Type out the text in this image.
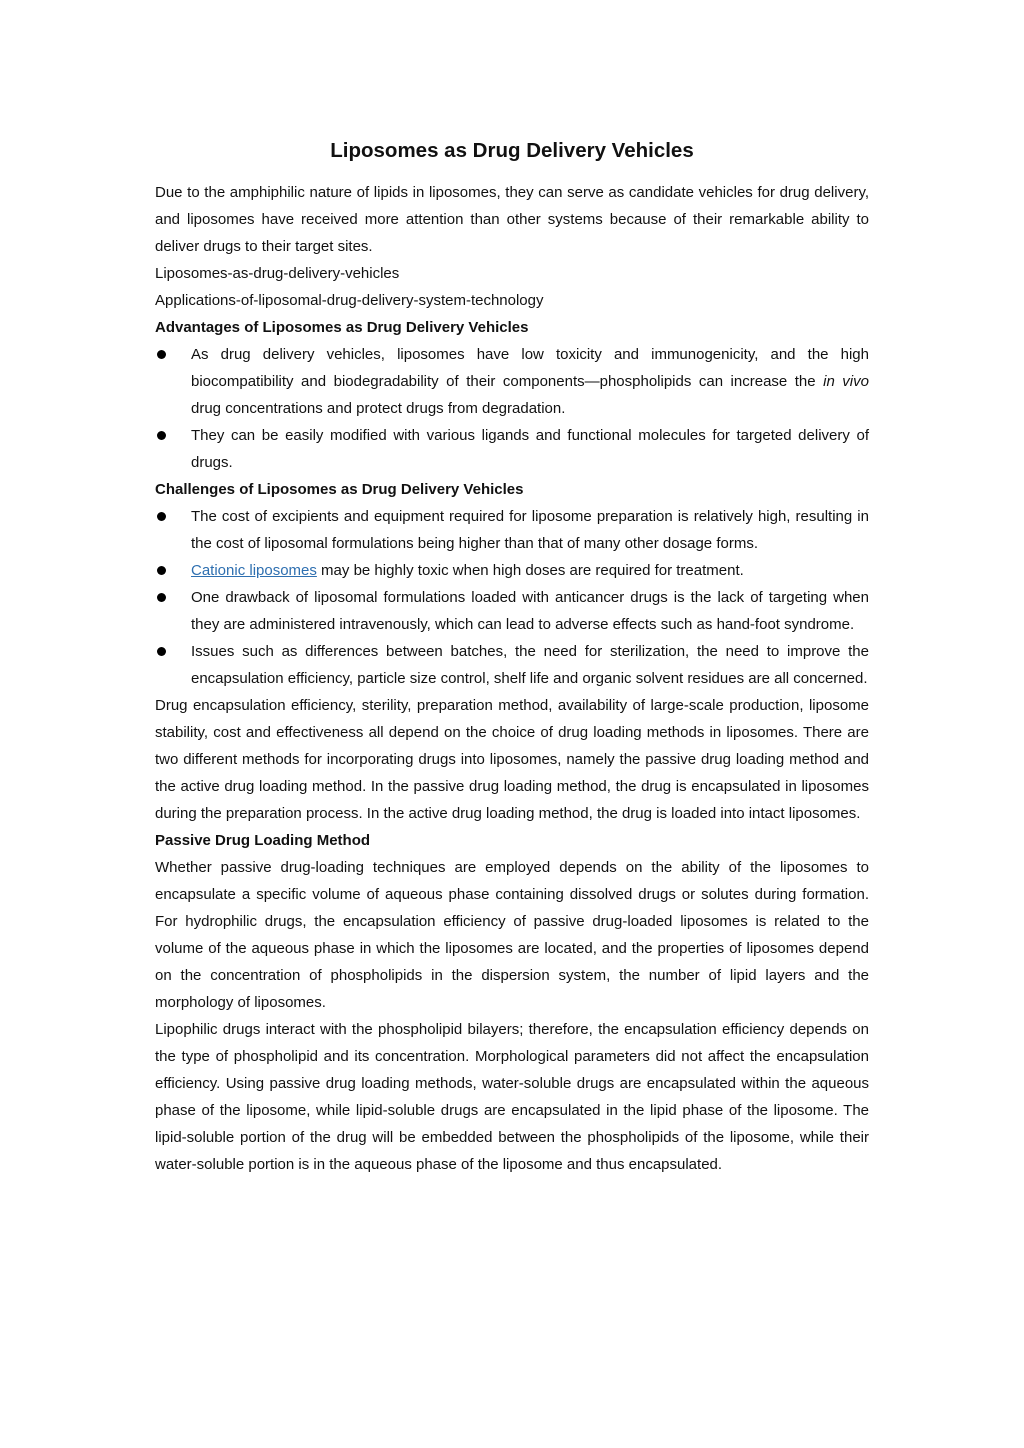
Liposomes as Drug Delivery Vehicles

Due to the amphiphilic nature of lipids in liposomes, they can serve as candidate vehicles for drug delivery, and liposomes have received more attention than other systems because of their remarkable ability to deliver drugs to their target sites.

Liposomes-as-drug-delivery-vehicles

Applications-of-liposomal-drug-delivery-system-technology

Advantages of Liposomes as Drug Delivery Vehicles

As drug delivery vehicles, liposomes have low toxicity and immunogenicity, and the high biocompatibility and biodegradability of their components—phospholipids can increase the in vivo drug concentrations and protect drugs from degradation.
They can be easily modified with various ligands and functional molecules for targeted delivery of drugs.

Challenges of Liposomes as Drug Delivery Vehicles

The cost of excipients and equipment required for liposome preparation is relatively high, resulting in the cost of liposomal formulations being higher than that of many other dosage forms.
Cationic liposomes may be highly toxic when high doses are required for treatment.
One drawback of liposomal formulations loaded with anticancer drugs is the lack of targeting when they are administered intravenously, which can lead to adverse effects such as hand-foot syndrome.
Issues such as differences between batches, the need for sterilization, the need to improve the encapsulation efficiency, particle size control, shelf life and organic solvent residues are all concerned.

Drug encapsulation efficiency, sterility, preparation method, availability of large-scale production, liposome stability, cost and effectiveness all depend on the choice of drug loading methods in liposomes. There are two different methods for incorporating drugs into liposomes, namely the passive drug loading method and the active drug loading method. In the passive drug loading method, the drug is encapsulated in liposomes during the preparation process. In the active drug loading method, the drug is loaded into intact liposomes.

Passive Drug Loading Method

Whether passive drug-loading techniques are employed depends on the ability of the liposomes to encapsulate a specific volume of aqueous phase containing dissolved drugs or solutes during formation. For hydrophilic drugs, the encapsulation efficiency of passive drug-loaded liposomes is related to the volume of the aqueous phase in which the liposomes are located, and the properties of liposomes depend on the concentration of phospholipids in the dispersion system, the number of lipid layers and the morphology of liposomes.

Lipophilic drugs interact with the phospholipid bilayers; therefore, the encapsulation efficiency depends on the type of phospholipid and its concentration. Morphological parameters did not affect the encapsulation efficiency. Using passive drug loading methods, water-soluble drugs are encapsulated within the aqueous phase of the liposome, while lipid-soluble drugs are encapsulated in the lipid phase of the liposome. The lipid-soluble portion of the drug will be embedded between the phospholipids of the liposome, while their water-soluble portion is in the aqueous phase of the liposome and thus encapsulated.
